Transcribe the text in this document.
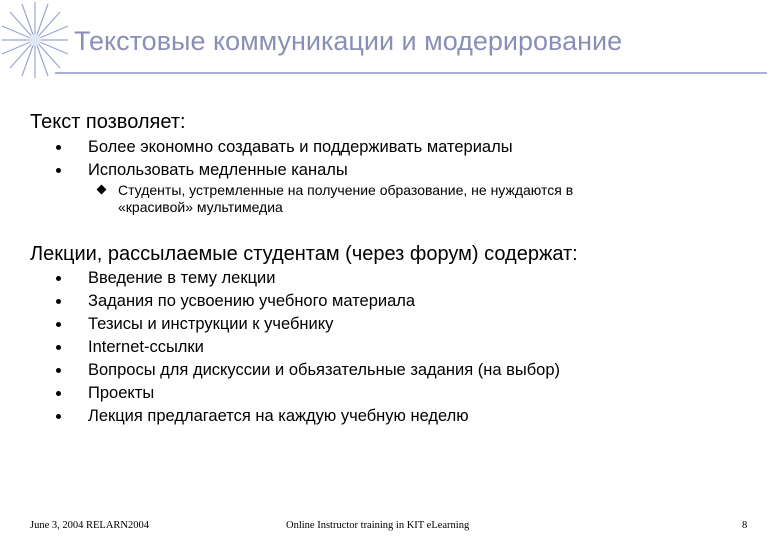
Текстовые коммуникации и модерирование
Текст позволяет:
Более экономно создавать и поддерживать материалы
Использовать медленные каналы
Студенты, устремленные на получение образование, не нуждаются в
«красивой» мультимедиа
Лекции, рассылаемые студентам (через форум) содержат:
Введение в тему лекции
Задания по усвоению учебного материала
Тезисы и инструкции к учебнику
Internet-ссылки
Вопросы для дискуссии и обьязательные задания (на выбор)
Проекты
Лекция предлагается на каждую учебную неделю
June 3, 2004 RELARN2004	Online Instructor training in KIT eLearning	8
